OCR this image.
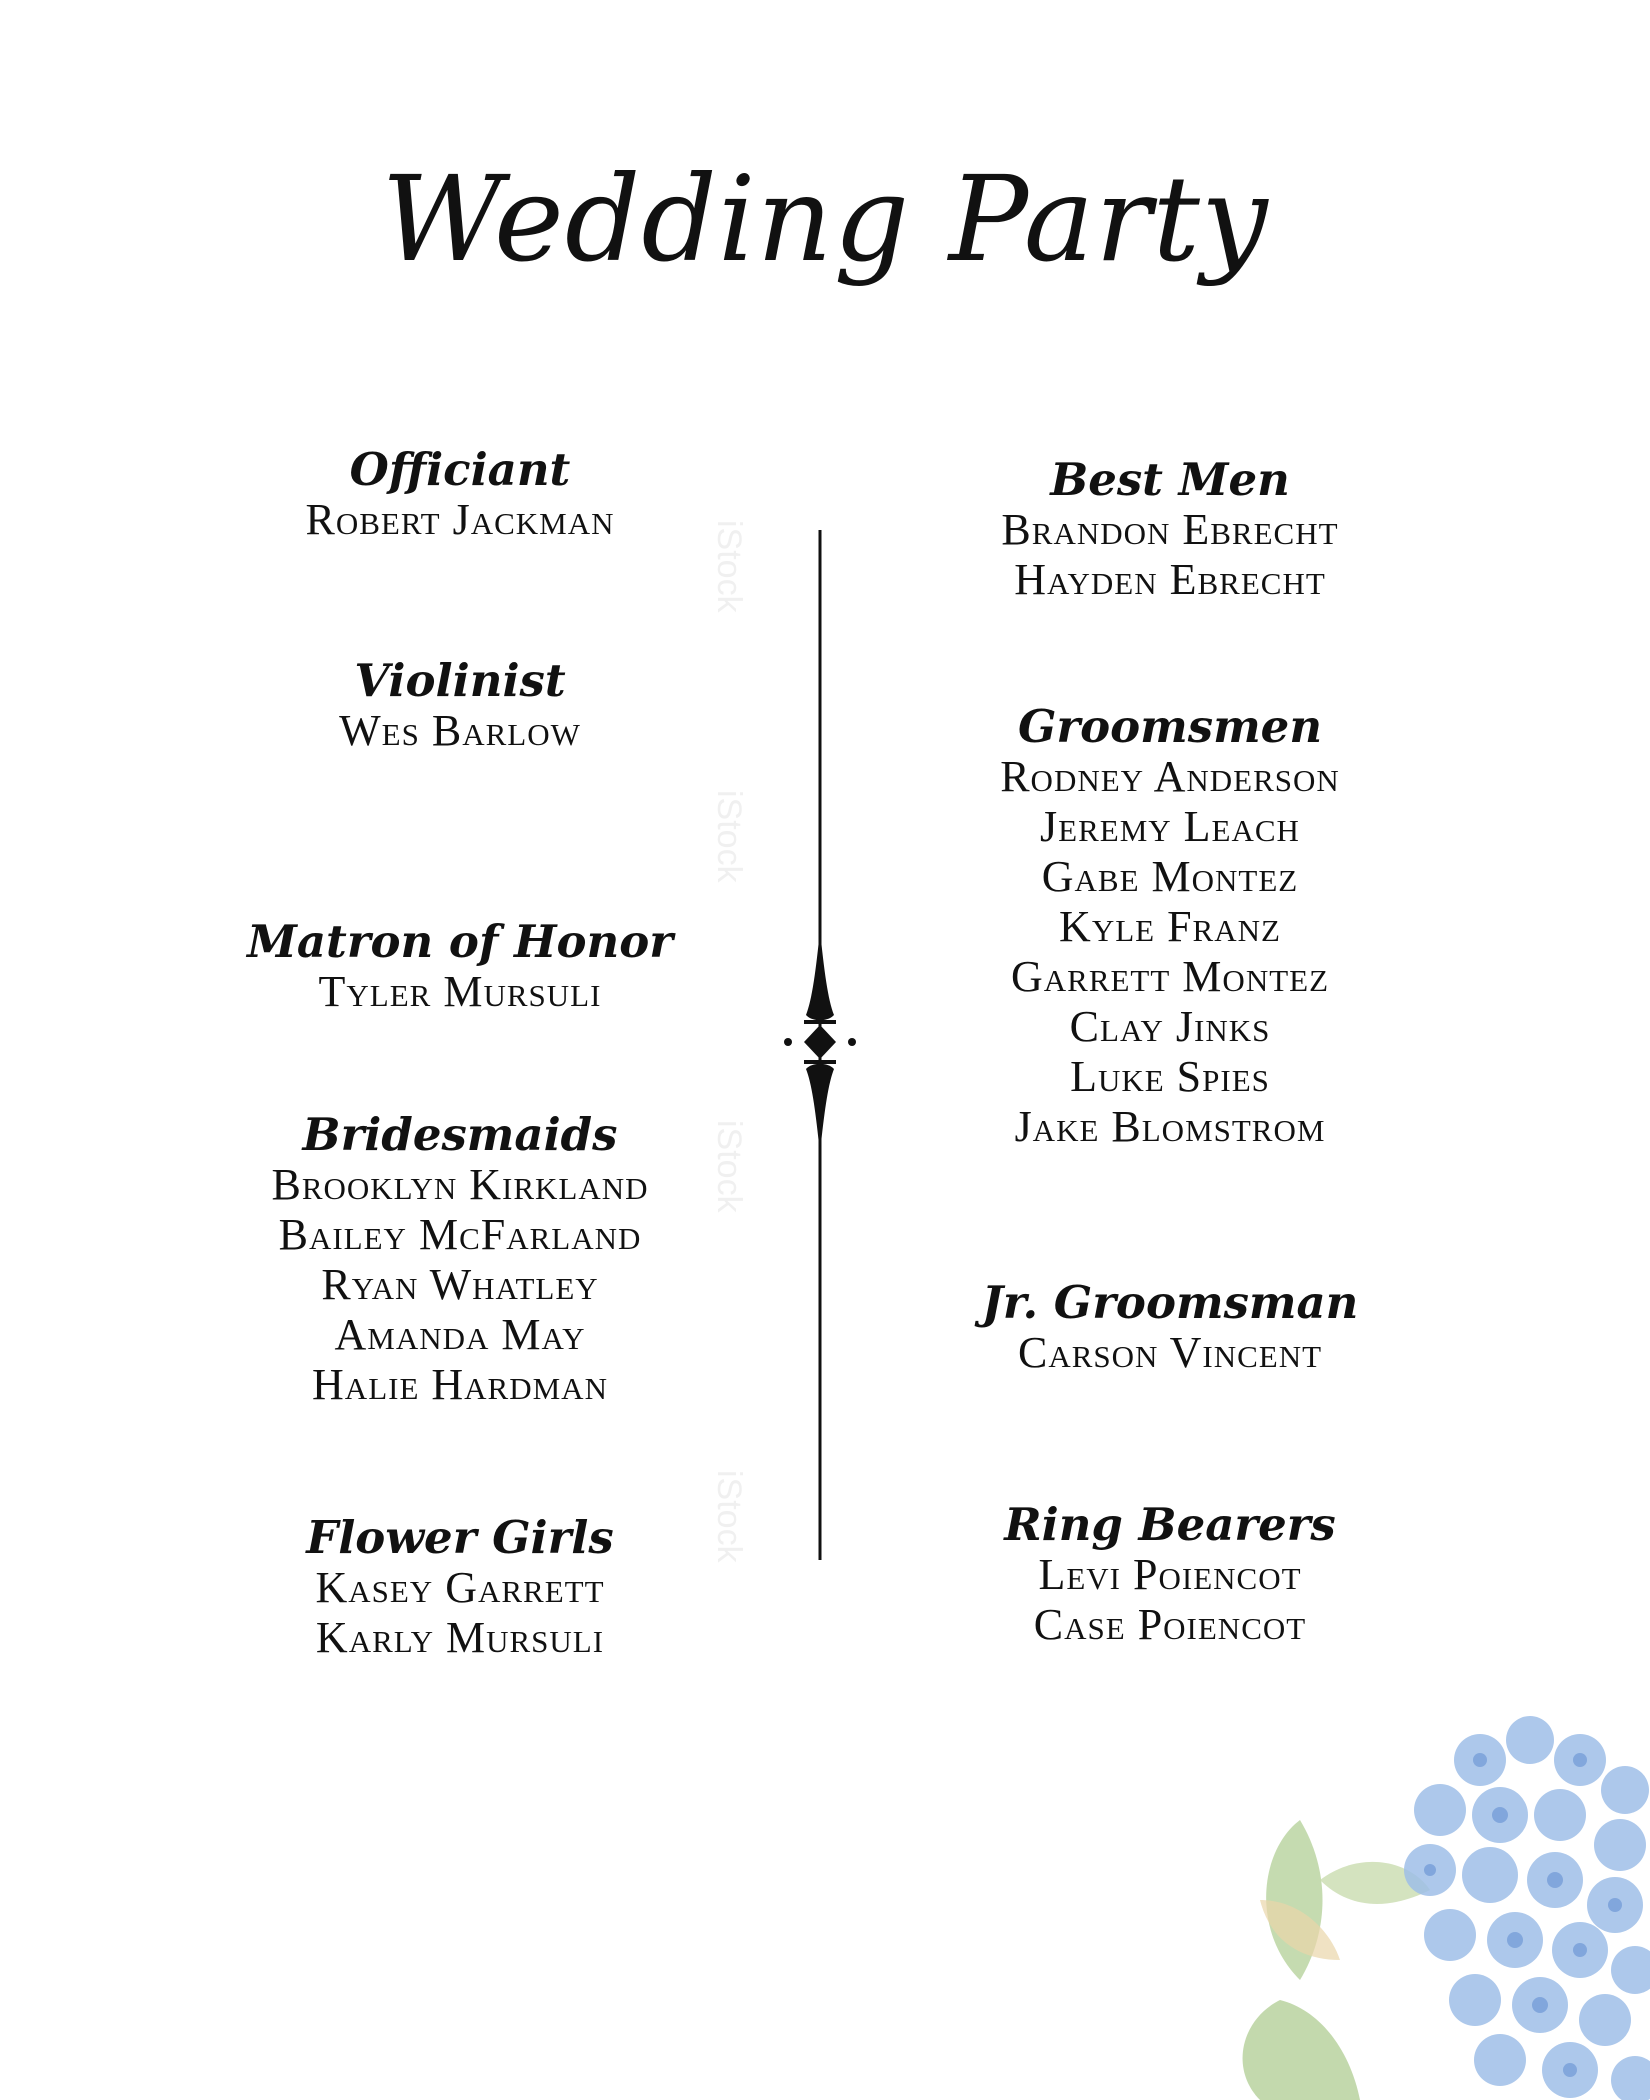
Wedding Party
Officiant
Robert Jackman
Violinist
Wes Barlow
Matron of Honor
Tyler Mursuli
Bridesmaids
Brooklyn Kirkland
Bailey McFarland
Ryan Whatley
Amanda May
Halie Hardman
Flower Girls
Kasey Garrett
Karly Mursuli
Best Men
Brandon Ebrecht
Hayden Ebrecht
Groomsmen
Rodney Anderson
Jeremy Leach
Gabe Montez
Kyle Franz
Garrett Montez
Clay Jinks
Luke Spies
Jake Blomstrom
Jr. Groomsman
Carson Vincent
Ring Bearers
Levi Poiencot
Case Poiencot
iStock
iStock
iStock
iStock
